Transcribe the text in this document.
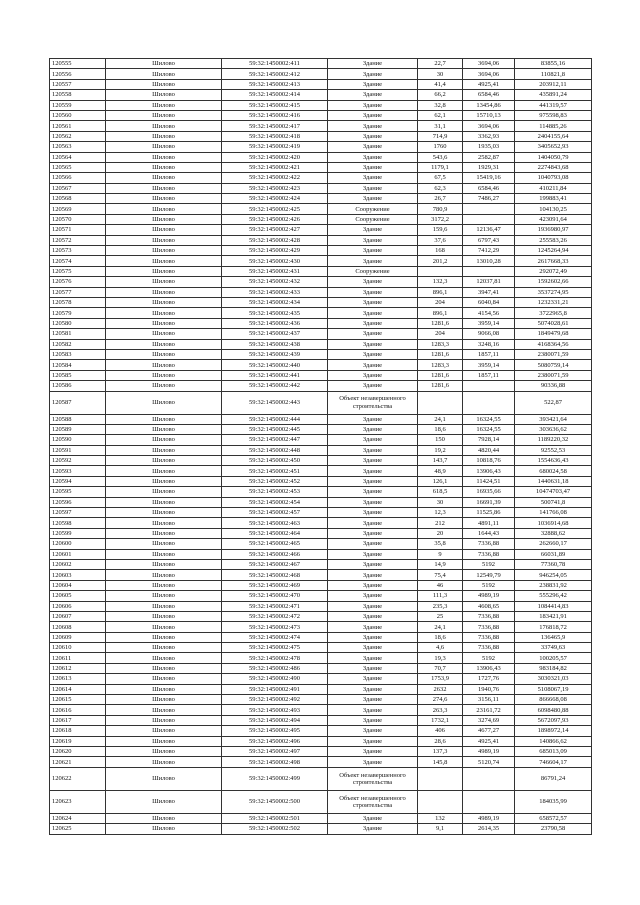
120555	Шилово	59:32:1450002:411	Здание	22,7	3694,06	83855,16
120556	Шилово	59:32:1450002:412	Здание	30	3694,06	110821,8
120557	Шилово	59:32:1450002:413	Здание	41,4	4925,41	203912,11
120558	Шилово	59:32:1450002:414	Здание	66,2	6584,46	435891,24
120559	Шилово	59:32:1450002:415	Здание	32,8	13454,86	441319,57
120560	Шилово	59:32:1450002:416	Здание	62,1	15710,13	975598,83
120561	Шилово	59:32:1450002:417	Здание	31,1	3694,06	114885,26
120562	Шилово	59:32:1450002:418	Здание	714,9	3362,93	2404155,64
120563	Шилово	59:32:1450002:419	Здание	1760	1935,03	3405652,93
120564	Шилово	59:32:1450002:420	Здание	543,6	2582,87	1404050,79
120565	Шилово	59:32:1450002:421	Здание	1179,1	1929,31	2274843,68
120566	Шилово	59:32:1450002:422	Здание	67,5	15419,16	1040793,08
120567	Шилово	59:32:1450002:423	Здание	62,3	6584,46	410211,84
120568	Шилово	59:32:1450002:424	Здание	26,7	7486,27	199883,41
120569	Шилово	59:32:1450002:425	Сооружение	780,9		104130,25
120570	Шилово	59:32:1450002:426	Сооружение	3172,2		423091,64
120571	Шилово	59:32:1450002:427	Здание	159,6	12136,47	1936980,97
120572	Шилово	59:32:1450002:428	Здание	37,6	6797,43	255583,26
120573	Шилово	59:32:1450002:429	Здание	168	7412,29	1245264,94
120574	Шилово	59:32:1450002:430	Здание	201,2	13010,28	2617668,33
120575	Шилово	59:32:1450002:431	Сооружение			292072,49
120576	Шилово	59:32:1450002:432	Здание	132,3	12037,81	1592602,66
120577	Шилово	59:32:1450002:433	Здание	896,1	3947,41	3537274,95
120578	Шилово	59:32:1450002:434	Здание	204	6040,84	1232331,21
120579	Шилово	59:32:1450002:435	Здание	896,1	4154,56	3722965,8
120580	Шилово	59:32:1450002:436	Здание	1281,6	3959,14	5074028,61
120581	Шилово	59:32:1450002:437	Здание	204	9066,08	1849479,68
120582	Шилово	59:32:1450002:438	Здание	1283,3	3248,16	4168364,56
120583	Шилово	59:32:1450002:439	Здание	1281,6	1857,11	2380071,59
120584	Шилово	59:32:1450002:440	Здание	1283,3	3959,14	5080759,14
120585	Шилово	59:32:1450002:441	Здание	1281,6	1857,11	2380071,59
120586	Шилово	59:32:1450002:442	Здание	1281,6		90336,88
120587	Шилово	59:32:1450002:443	Объект незавершенного строительства			522,87
120588	Шилово	59:32:1450002:444	Здание	24,1	16324,55	393421,64
120589	Шилово	59:32:1450002:445	Здание	18,6	16324,55	303636,62
120590	Шилово	59:32:1450002:447	Здание	150	7928,14	1189220,32
120591	Шилово	59:32:1450002:448	Здание	19,2	4820,44	92552,53
120592	Шилово	59:32:1450002:450	Здание	143,7	10818,76	1554636,43
120593	Шилово	59:32:1450002:451	Здание	48,9	13906,43	680024,58
120594	Шилово	59:32:1450002:452	Здание	126,1	11424,51	1440631,18
120595	Шилово	59:32:1450002:453	Здание	618,5	16935,66	10474703,47
120596	Шилово	59:32:1450002:454	Здание	30	16691,39	500741,8
120597	Шилово	59:32:1450002:457	Здание	12,3	11525,86	141766,08
120598	Шилово	59:32:1450002:463	Здание	212	4891,11	1036914,68
120599	Шилово	59:32:1450002:464	Здание	20	1644,43	32888,62
120600	Шилово	59:32:1450002:465	Здание	35,8	7336,88	262660,17
120601	Шилово	59:32:1450002:466	Здание	9	7336,88	66031,89
120602	Шилово	59:32:1450002:467	Здание	14,9	5192	77360,78
120603	Шилово	59:32:1450002:468	Здание	75,4	12549,79	946254,05
120604	Шилово	59:32:1450002:469	Здание	46	5192	238831,92
120605	Шилово	59:32:1450002:470	Здание	111,3	4989,19	555296,42
120606	Шилово	59:32:1450002:471	Здание	235,3	4608,65	1084414,83
120607	Шилово	59:32:1450002:472	Здание	25	7336,88	183421,91
120608	Шилово	59:32:1450002:473	Здание	24,1	7336,88	176818,72
120609	Шилово	59:32:1450002:474	Здание	18,6	7336,88	136465,9
120610	Шилово	59:32:1450002:475	Здание	4,6	7336,88	33749,63
120611	Шилово	59:32:1450002:478	Здание	19,3	5192	100205,57
120612	Шилово	59:32:1450002:486	Здание	70,7	13906,43	983184,82
120613	Шилово	59:32:1450002:490	Здание	1753,9	1727,76	3030321,03
120614	Шилово	59:32:1450002:491	Здание	2632	1940,76	5108067,19
120615	Шилово	59:32:1450002:492	Здание	274,6	3156,11	866668,08
120616	Шилово	59:32:1450002:493	Здание	263,3	23161,72	6098480,88
120617	Шилово	59:32:1450002:494	Здание	1732,1	3274,69	5672097,93
120618	Шилово	59:32:1450002:495	Здание	406	4677,27	1898972,14
120619	Шилово	59:32:1450002:496	Здание	28,6	4925,41	140866,62
120620	Шилово	59:32:1450002:497	Здание	137,3	4989,19	685013,09
120621	Шилово	59:32:1450002:498	Здание	145,8	5120,74	746604,17
120622	Шилово	59:32:1450002:499	Объект незавершенного строительства			86791,24
120623	Шилово	59:32:1450002:500	Объект незавершенного строительства			184035,99
120624	Шилово	59:32:1450002:501	Здание	132	4989,19	658572,57
120625	Шилово	59:32:1450002:502	Здание	9,1	2614,35	23790,58
